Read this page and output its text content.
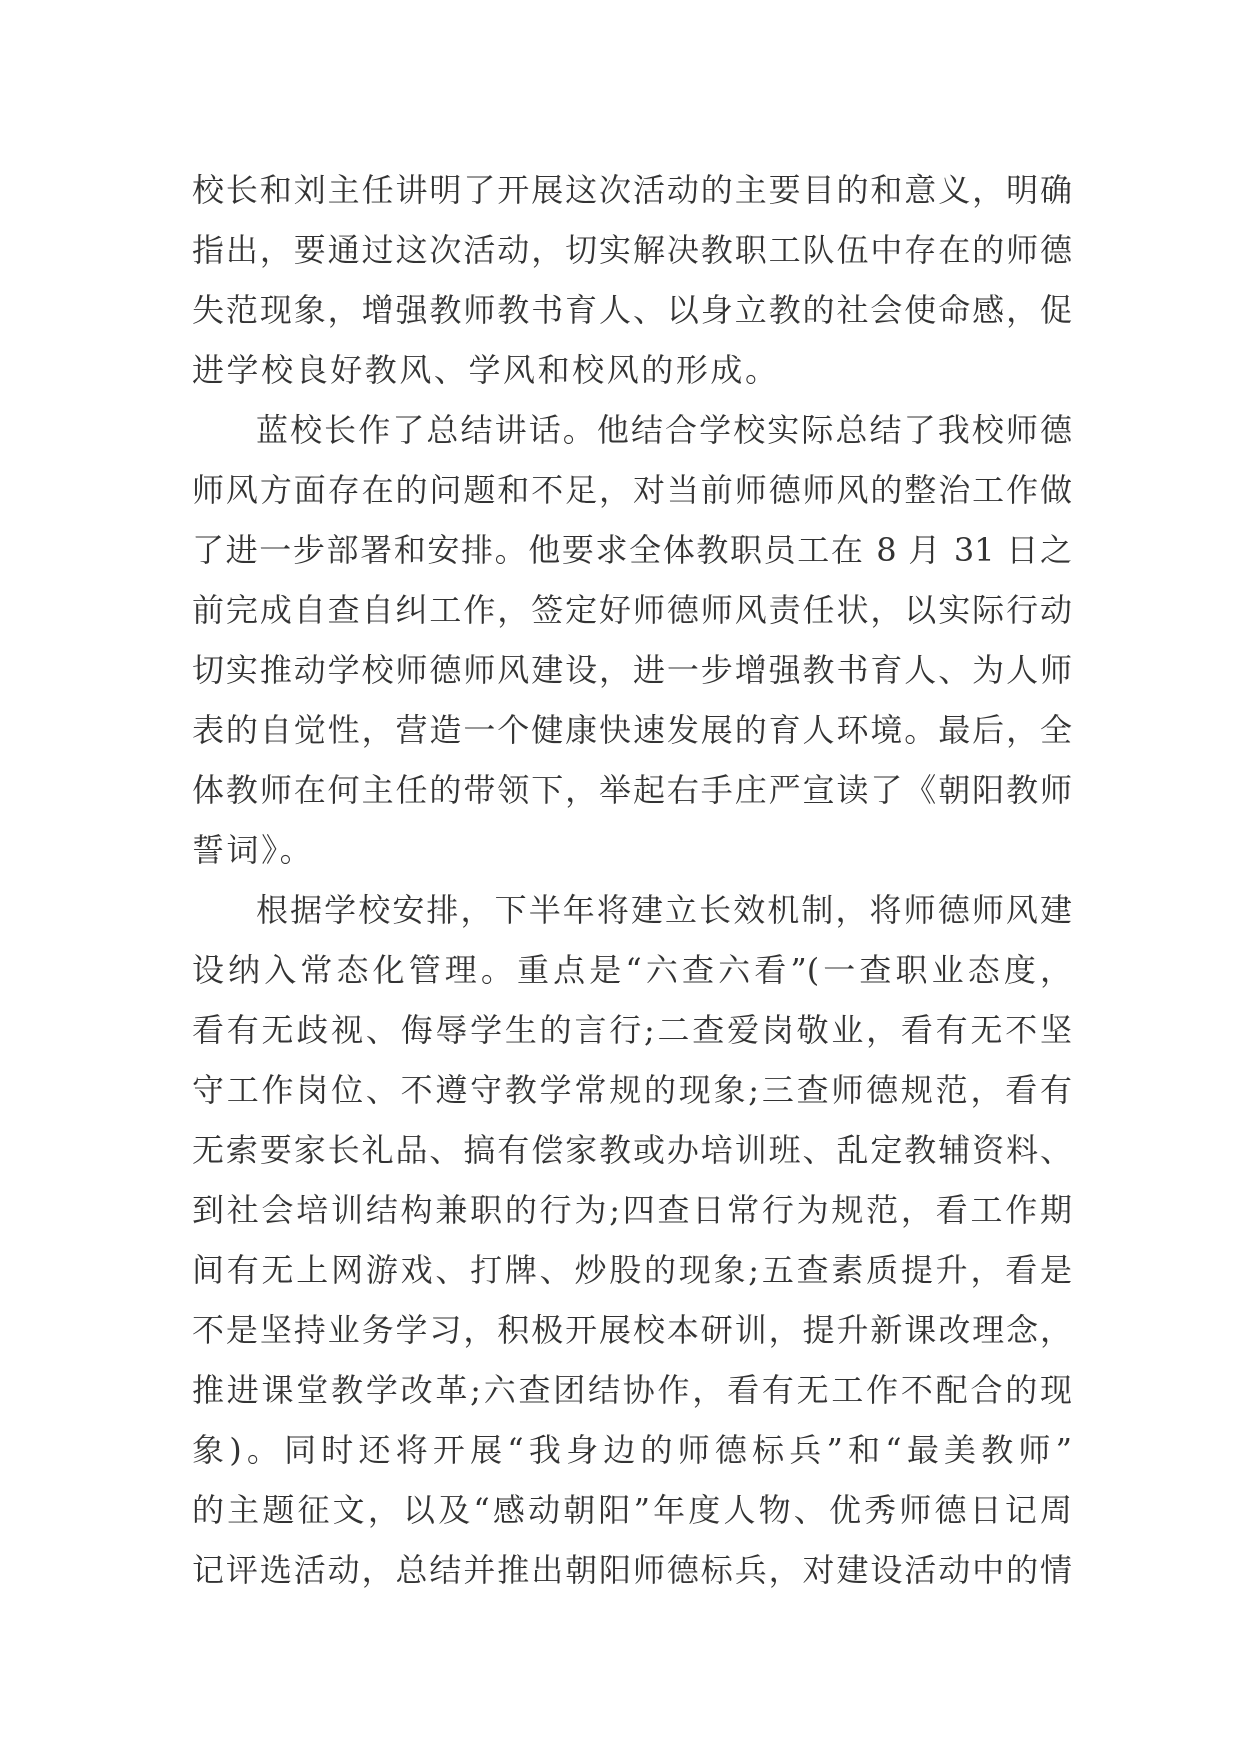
校长和刘主任讲明了开展这次活动的主要目的和意义，明确
指出，要通过这次活动，切实解决教职工队伍中存在的师德
失范现象，增强教师教书育人、以身立教的社会使命感，促
进学校良好教风、学风和校风的形成。
蓝校长作了总结讲话。他结合学校实际总结了我校师德
师风方面存在的问题和不足，对当前师德师风的整治工作做
了进一步部署和安排。他要求全体教职员工在 8 月 31 日之
前完成自查自纠工作，签定好师德师风责任状，以实际行动
切实推动学校师德师风建设，进一步增强教书育人、为人师
表的自觉性，营造一个健康快速发展的育人环境。最后，全
体教师在何主任的带领下，举起右手庄严宣读了《朝阳教师
誓词》。
根据学校安排，下半年将建立长效机制，将师德师风建
设纳入常态化管理。重点是“六查六看”(一查职业态度，
看有无歧视、侮辱学生的言行;二查爱岗敬业，看有无不坚
守工作岗位、不遵守教学常规的现象;三查师德规范，看有
无索要家长礼品、搞有偿家教或办培训班、乱定教辅资料、
到社会培训结构兼职的行为;四查日常行为规范，看工作期
间有无上网游戏、打牌、炒股的现象;五查素质提升，看是
不是坚持业务学习，积极开展校本研训，提升新课改理念，
推进课堂教学改革;六查团结协作，看有无工作不配合的现
象)。同时还将开展“我身边的师德标兵”和“最美教师”
的主题征文，以及“感动朝阳”年度人物、优秀师德日记周
记评选活动，总结并推出朝阳师德标兵，对建设活动中的情
